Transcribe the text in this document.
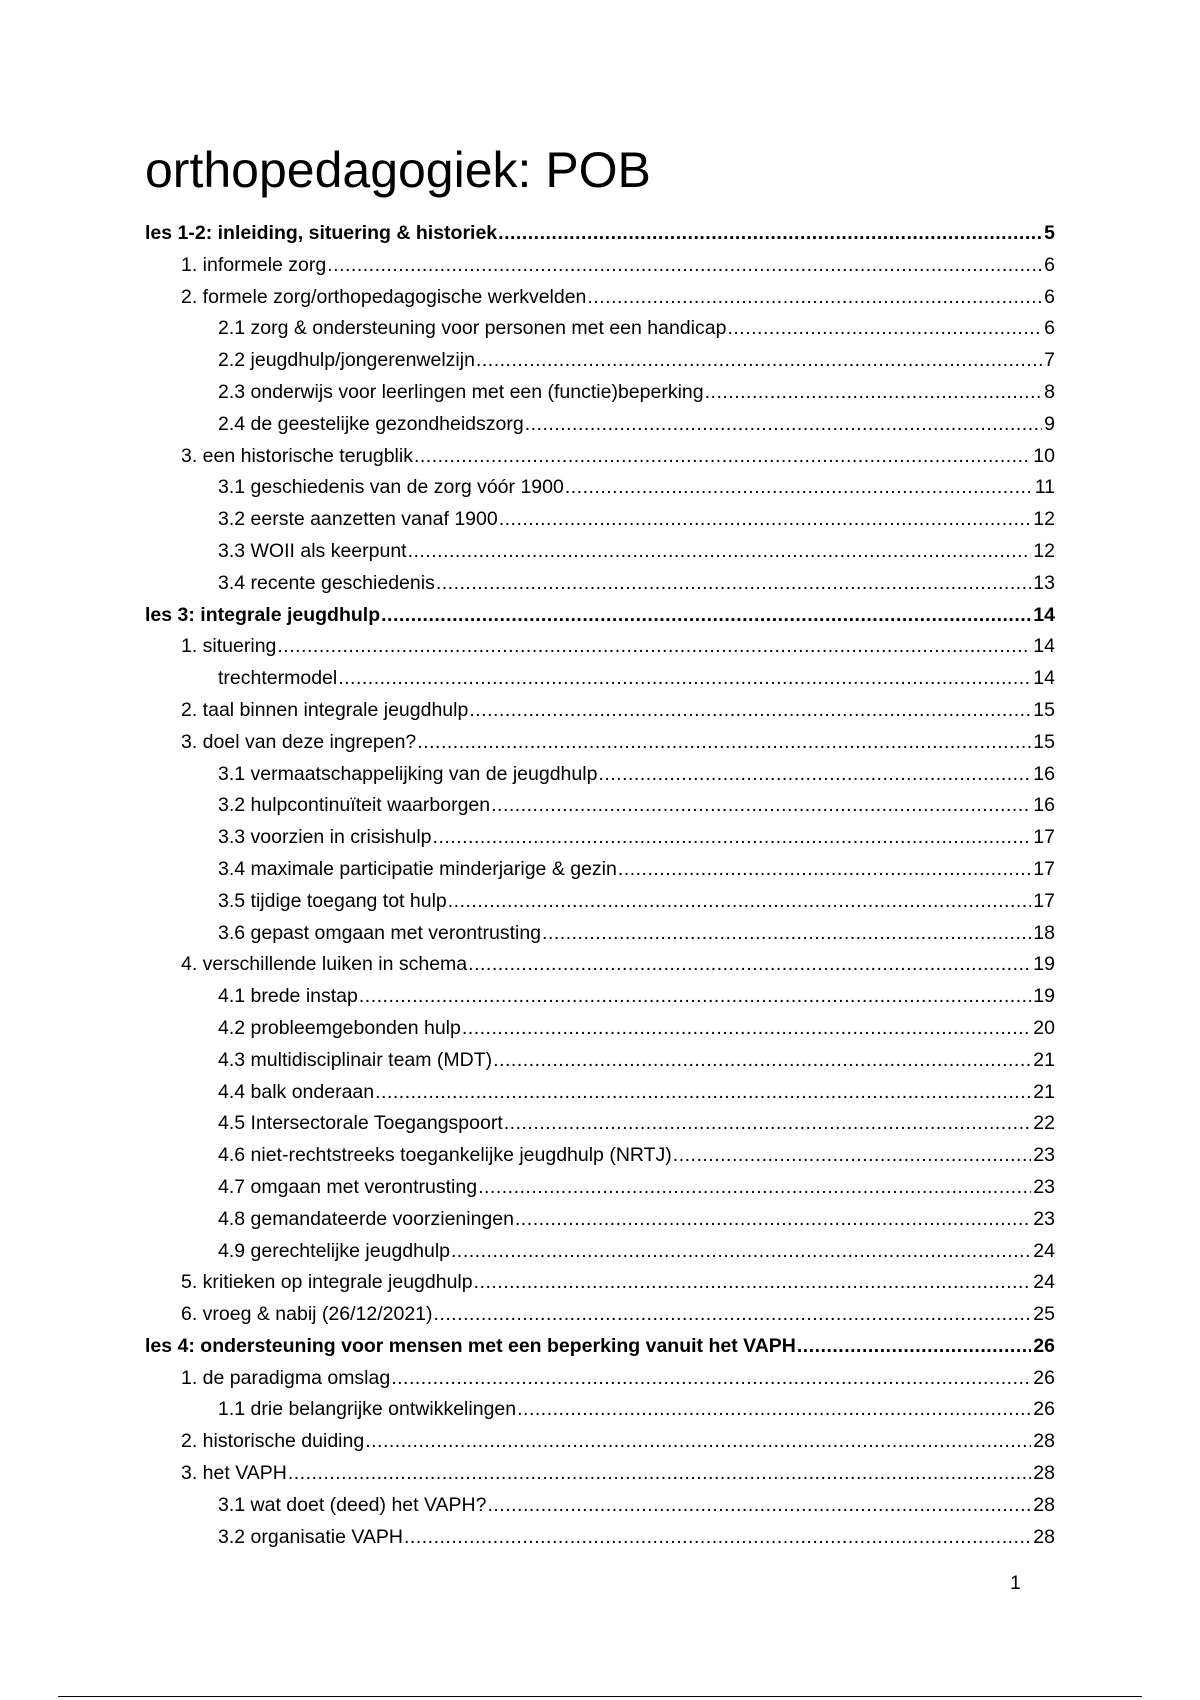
orthopedagogiek: POB
les 1-2: inleiding, situering & historiek .....	5
1. informele zorg .....	6
2. formele zorg/orthopedagogische werkvelden .....	6
2.1 zorg & ondersteuning voor personen met een handicap .....	6
2.2 jeugdhulp/jongerenwelzijn .....	7
2.3 onderwijs voor leerlingen met een (functie)beperking .....	8
2.4 de geestelijke gezondheidszorg .....	9
3. een historische terugblik .....	10
3.1 geschiedenis van de zorg vóór 1900 .....	11
3.2 eerste aanzetten vanaf 1900 .....	12
3.3 WOII als keerpunt .....	12
3.4 recente geschiedenis .....	13
les 3: integrale jeugdhulp .....	14
1. situering .....	14
trechtermodel .....	14
2. taal binnen integrale jeugdhulp .....	15
3. doel van deze ingrepen? .....	15
3.1 vermaatschappelijking van de jeugdhulp .....	16
3.2 hulpcontinuïteit waarborgen .....	16
3.3 voorzien in crisishulp .....	17
3.4 maximale participatie minderjarige & gezin .....	17
3.5 tijdige toegang tot hulp .....	17
3.6 gepast omgaan met verontrusting .....	18
4. verschillende luiken in schema .....	19
4.1 brede instap .....	19
4.2 probleemgebonden hulp .....	20
4.3 multidisciplinair team (MDT) .....	21
4.4 balk onderaan .....	21
4.5 Intersectorale Toegangspoort .....	22
4.6 niet-rechtstreeks toegankelijke jeugdhulp (NRTJ) .....	23
4.7 omgaan met verontrusting .....	23
4.8 gemandateerde voorzieningen .....	23
4.9 gerechtelijke jeugdhulp .....	24
5. kritieken op integrale jeugdhulp .....	24
6. vroeg & nabij (26/12/2021) .....	25
les 4: ondersteuning voor mensen met een beperking vanuit het VAPH .....	26
1. de paradigma omslag .....	26
1.1 drie belangrijke ontwikkelingen .....	26
2. historische duiding .....	28
3. het VAPH .....	28
3.1 wat doet (deed) het VAPH? .....	28
3.2 organisatie VAPH .....	28
1
